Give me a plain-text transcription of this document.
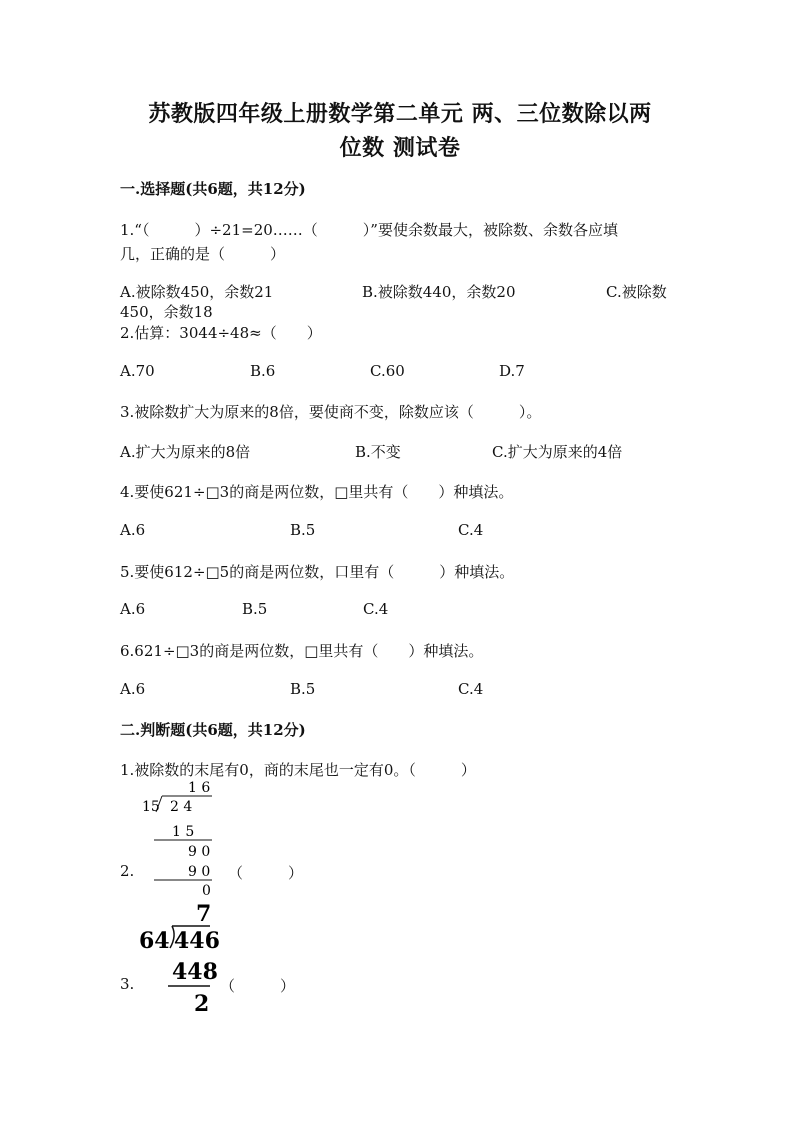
苏教版四年级上册数学第二单元 两、三位数除以两
位数 测试卷
一.选择题(共6题，共12分)
1.“（　　　）÷21=20……（　　　）”要使余数最大，被除数、余数各应填
几，正确的是（　　　）
A.被除数450，余数21	B.被除数440，余数20	C.被除数
450，余数18
2.估算：3044÷48≈（　　）
A.70	B.6	C.60	D.7
3.被除数扩大为原来的8倍，要使商不变，除数应该（　　　）。
A.扩大为原来的8倍	B.不变	C.扩大为原来的4倍
4.要使621÷□3的商是两位数，□里共有（　　）种填法。
A.6	B.5	C.4
5.要使612÷□5的商是两位数，口里有（　　　）种填法。
A.6	B.5	C.4
6.621÷□3的商是两位数，□里共有（　　）种填法。
A.6	B.5	C.4
二.判断题(共6题，共12分)
1.被除数的末尾有0，商的末尾也一定有0。（　　　）
1 6
15 2 4
1 5
9 0
9 0
0
2.	（　　　）
7
64 446
448
2
3.	（　　　）
